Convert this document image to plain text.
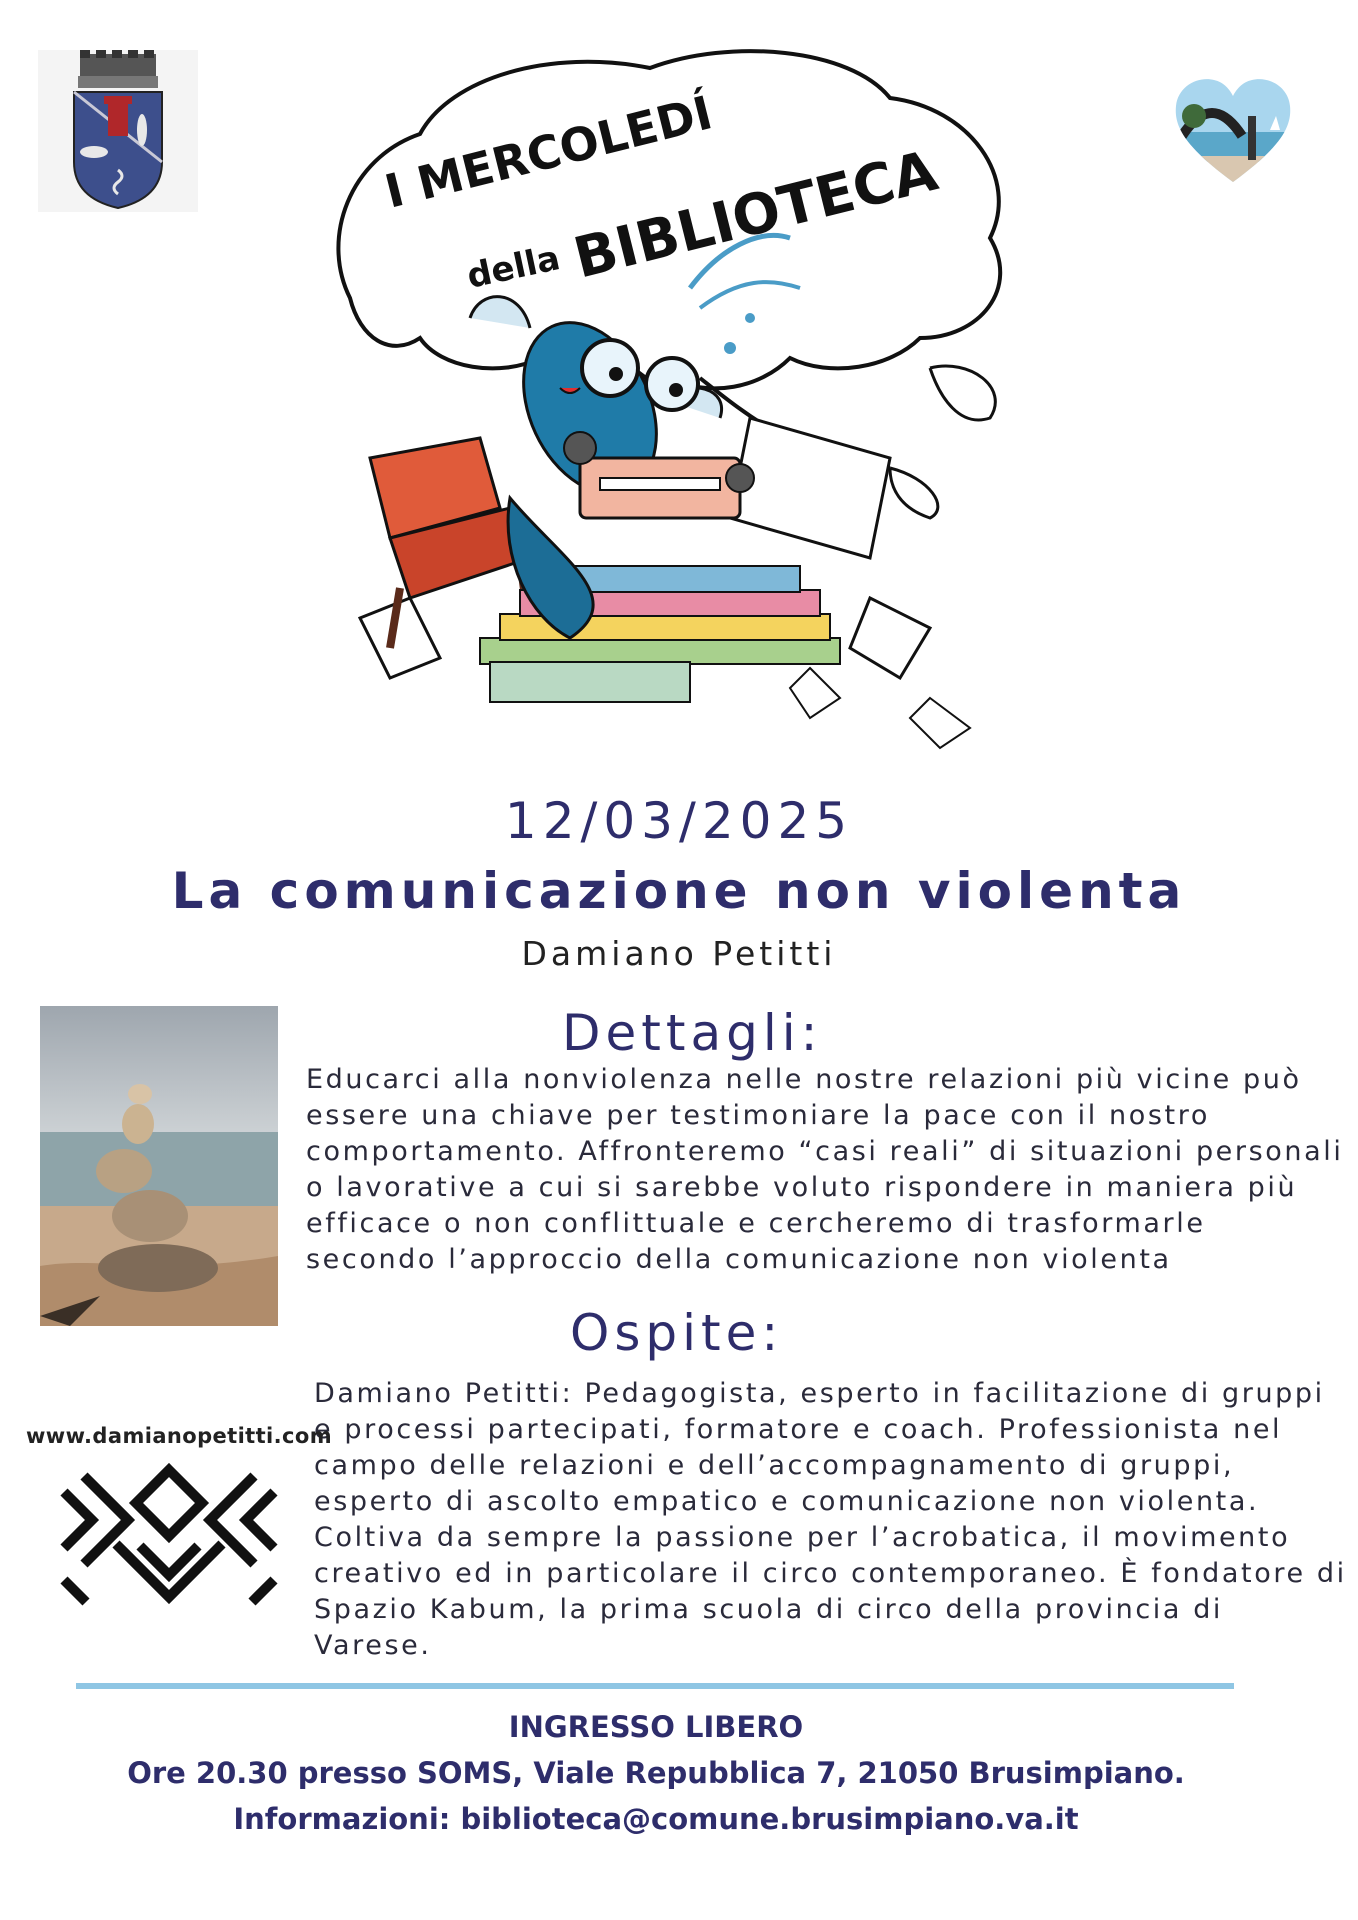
I MERCOLEDÍ
della BIBLIOTECA
12/03/2025
La comunicazione non violenta
Damiano Petitti
Dettagli:

Educarci alla nonviolenza nelle nostre relazioni più vicine può essere una chiave per testimoniare la pace con il nostro comportamento. Affronteremo “casi reali” di situazioni personali o lavorative a cui si sarebbe voluto rispondere in maniera più efficace o non conflittuale e cercheremo di trasformarle secondo l’approccio della comunicazione non violenta

Ospite:

Damiano Petitti: Pedagogista, esperto in facilitazione di gruppi e processi partecipati, formatore e coach. Professionista nel campo delle relazioni e dell’accompagnamento di gruppi, esperto di ascolto empatico e comunicazione non violenta. Coltiva da sempre la passione per l’acrobatica, il movimento creativo ed in particolare il circo contemporaneo. È fondatore di Spazio Kabum, la prima scuola di circo della provincia di Varese.

www.damianopetitti.com
INGRESSO LIBERO
Ore 20.30 presso SOMS, Viale Repubblica 7, 21050 Brusimpiano.
Informazioni: biblioteca@comune.brusimpiano.va.it
